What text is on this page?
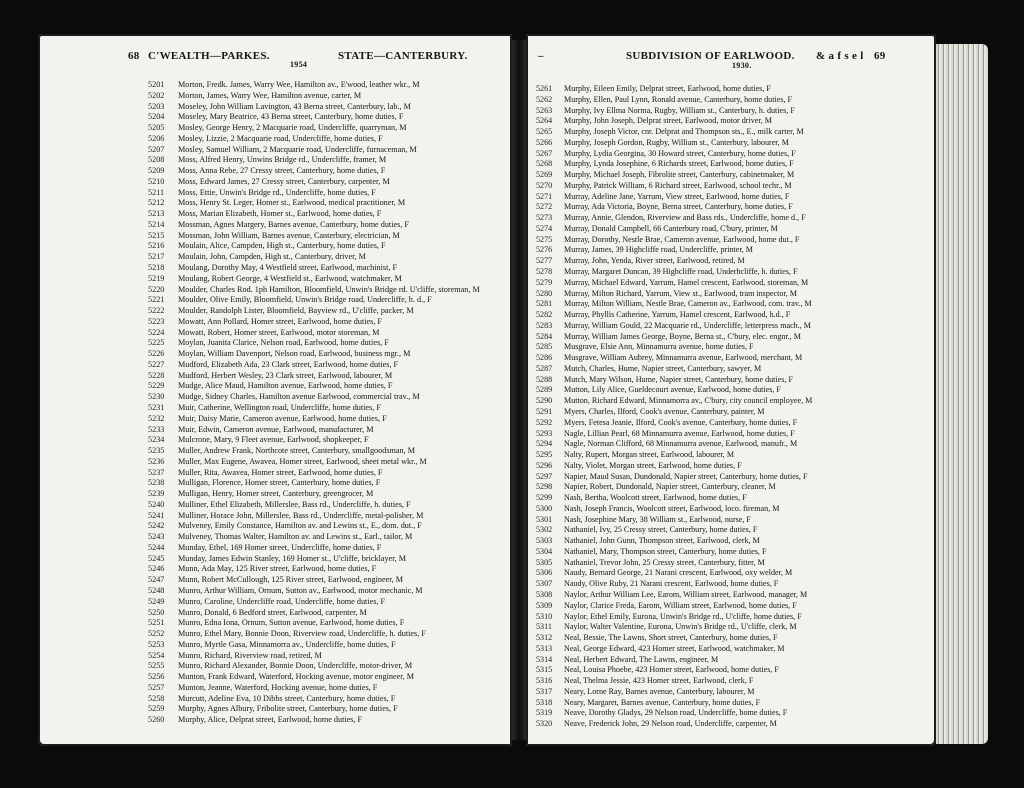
68 C'WEALTH—PARKES.
1954
STATE—CANTERBURY.
5201	Morton, Fredk. James, Warry Wee, Hamilton av., E'wood, leather wkr., M
5202	Morton, James, Warry Wee, Hamilton avenue, carter, M
5203	Moseley, John William Lavington, 43 Berna street, Canterbury, lab., M
5204	Moseley, Mary Beatrice, 43 Berna street, Canterbury, home duties, F
5205	Mosley, George Henry, 2 Macquarie road, Undercliffe, quarryman, M
5206	Mosley, Lizzie, 2 Macquarie road, Undercliffe, home duties, F
5207	Mosley, Samuel William, 2 Macquarie road, Undercliffe, furnaceman, M
5208	Moss, Alfred Henry, Unwins Bridge rd., Undercliffe, framer, M
5209	Moss, Anna Rebe, 27 Cressy street, Canterbury, home duties, F
5210	Moss, Edward James, 27 Cressy street, Canterbury, carpenter, M
5211	Moss, Ettie, Unwin's Bridge rd., Undercliffe, home duties, F
5212	Moss, Henry St. Leger, Homer st., Earlwood, medical practitioner, M
5213	Moss, Marian Elizabeth, Homer st., Earlwood, home duties, F
5214	Mossman, Agnes Margery, Barnes avenue, Canterbury, home duties, F
5215	Mossman, John William, Barnes avenue, Canterbury, electrician, M
5216	Moulain, Alice, Campden, High st., Canterbury, home duties, F
5217	Moulain, John, Campden, High st., Canterbury, driver, M
5218	Moulang, Dorothy May, 4 Westfield street, Earlwood, machinist, F
5219	Moulang, Robert George, 4 Westfield st., Earlwood, watchmaker, M
5220	Moulder, Charles Rod. 1ph Hamilton, Bloomfield, Unwin's Bridge rd. U'cliffe, storeman, M
5221	Moulder, Olive Emily, Bloomfield, Unwin's Bridge road, Undercliffe, h. d., F
5222	Moulder, Randolph Lister, Bloomfield, Bayview rd., U'cliffe, packer, M
5223	Mowatt, Ann Pollard, Homer street, Earlwood, home duties, F
5224	Mowatt, Robert, Homer street, Earlwood, motor storeman, M
5225	Moylan, Juanita Clarice, Nelson road, Earlwood, home duties, F
5226	Moylan, William Davenport, Nelson road, Earlwood, business mgr., M
5227	Mudford, Elizabeth Ada, 23 Clark street, Earlwood, home duties, F
5228	Mudford, Herbert Wesley, 23 Clark street, Earlwood, labourer, M
5229	Mudge, Alice Maud, Hamilton avenue, Earlwood, home duties, F
5230	Mudge, Sidney Charles, Hamilton avenue Earlwood, commercial trav., M
5231	Muir, Catherine, Wellington road, Undercliffe, home duties, F
5232	Muir, Daisy Marie, Cameron avenue, Earlwood, home duties, F
5233	Muir, Edwin, Cameron avenue, Earlwood, manufacturer, M
5234	Mulcrone, Mary, 9 Fleet avenue, Earlwood, shopkeeper, F
5235	Muller, Andrew Frank, Northcote street, Canterbury, smallgoodsman, M
5236	Muller, Max Eugene, Awavea, Homer street, Earlwood, sheet metal wkr., M
5237	Muller, Rita, Awavea, Homer street, Earlwood, home duties, F
5238	Mulligan, Florence, Homer street, Canterbury, home duties, F
5239	Mulligan, Henry, Homer street, Canterbury, greengrocer, M
5240	Mulliner, Ethel Elizabeth, Millerslee, Bass rd., Undercliffe, h. duties, F
5241	Mulliner, Horace John, Millerslee, Bass rd., Undercliffe, metal-polisher, M
5242	Mulveney, Emily Constance, Hamilton av. and Lewins st., E., dom. dut., F
5243	Mulveney, Thomas Walter, Hamilton av. and Lewins st., Earl., tailor, M
5244	Munday, Ethel, 169 Homer street, Undercliffe, home duties, F
5245	Munday, James Edwin Stanley, 169 Homer st., U'cliffe, bricklayer, M
5246	Munn, Ada May, 125 River street, Earlwood, home duties, F
5247	Munn, Robert McCullough, 125 River street, Earlwood, engineer, M
5248	Munro, Arthur William, Ornum, Sutton av., Earlwood, motor mechanic, M
5249	Munro, Caroline, Undercliffe road, Undercliffe, home duties, F
5250	Munro, Donald, 6 Bedford street, Earlwood, carpenter, M
5251	Munro, Edna Iona, Ornum, Sutton avenue, Earlwood, home duties, F
5252	Munro, Ethel Mary, Bonnie Doon, Riverview road, Undercliffe, h. duties, F
5253	Munro, Myrtle Gasa, Minnamorra av., Undercliffe, home duties, F
5254	Munro, Richard, Riverview road, retired, M
5255	Munro, Richard Alexander, Bonnie Doon, Undercliffe, motor-driver, M
5256	Munton, Frank Edward, Waterford, Hocking avenue, motor engineer, M
5257	Munton, Jeanne, Waterford, Hocking avenue, home duties, F
5258	Murcutt, Adeline Eva, 10 Dibbs street, Canterbury, home duties, F
5259	Murphy, Agnes Albury, Fribolite street, Canterbury, home duties, F
5260	Murphy, Alice, Delprat street, Earlwood, home duties, F
–	SUBDIVISION OF EARLWOOD.
1930.
& a f s e l 69
5261	Murphy, Eileen Emily, Delprat street, Earlwood, home duties, F
5262	Murphy, Ellen, Paul Lynn, Ronald avenue, Canterbury, home duties, F
5263	Murphy, Ivy Ellma Norma, Rugby, William st., Canterbury, h. duties, F
5264	Murphy, John Joseph, Delprat street, Earlwood, motor driver, M
5265	Murphy, Joseph Victor, cnr. Delprat and Thompson sts., E., milk carter, M
5266	Murphy, Joseph Gordon, Rugby, William st., Canterbury, labourer, M
5267	Murphy, Lydia Georgina, 30 Howard street, Canterbury, home duties, F
5268	Murphy, Lynda Josephine, 6 Richards street, Earlwood, home duties, F
5269	Murphy, Michael Joseph, Fibrolite street, Canterbury, cabinetmaker, M
5270	Murphy, Patrick William, 6 Richard street, Earlwood, school techr., M
5271	Murray, Adeline Jane, Yarrum, View street, Earlwood, home duties, F
5272	Murray, Ada Victoria, Boyne, Berna street, Canterbury, home duties, F
5273	Murray, Annie, Glendon, Riverview and Bass rds., Undercliffe, home d., F
5274	Murray, Donald Campbell, 66 Canterbury road, C'bury, printer, M
5275	Murray, Dorothy, Nestle Brae, Cameron avenue, Earlwood, home dut., F
5276	Murray, James, 39 Highcliffe road, Undercliffe, printer, M
5277	Murray, John, Yenda, River street, Earlwood, retired, M
5278	Murray, Margaret Duncan, 39 Highcliffe road, Underhcliffe, h. duties, F
5279	Murray, Michael Edward, Yarrum, Hamel crescent, Earlwood, storeman, M
5280	Murray, Milton Richard, Yarrum, View st., Earlwood, tram inspector, M
5281	Murray, Milton William, Nestle Brae, Cameron av., Earlwood, com. trav., M
5282	Murray, Phyllis Catherine, Yarrum, Hamel crescent, Earlwood, h.d., F
5283	Murray, William Gould, 22 Macquarie rd., Undercliffe, letterpress mach., M
5284	Murray, William James George, Boyne, Berna st., C'bury, elec. engnr., M
5285	Musgrave, Elsie Ann, Minnamurra avenue, home duties, F
5286	Musgrave, William Aubrey, Minnamurra avenue, Earlwood, merchant, M
5287	Mutch, Charles, Hume, Napier street, Canterbury, sawyer, M
5288	Mutch, Mary Wilson, Hume, Napier street, Canterbury, home duties, F
5289	Mutton, Lily Alice, Gueldecourt avenue, Earlwood, home duties, F
5290	Mutton, Richard Edward, Minnamorra av., C'bury, city council employee, M
5291	Myers, Charles, Ilford, Cook's avenue, Canterbury, painter, M
5292	Myers, Fetesa Jeanie, Ilford, Cook's avenue, Canterbury, home duties, F
5293	Nagle, Lillian Pearl, 68 Minnamurra avenue, Earlwood, home duties, F
5294	Nagle, Norman Clifford, 68 Minnamurra avenue, Earlwood, manufr., M
5295	Nalty, Rupert, Morgan street, Earlwood, labourer, M
5296	Nalty, Violet, Morgan street, Earlwood, home duties, F
5297	Napier, Maud Susan, Dundonald, Napier street, Canterbury, home duties, F
5298	Napier, Robert, Dundonald, Napier street, Canterbury, cleaner, M
5299	Nash, Bertha, Woolcott street, Earlwood, home duties, F
5300	Nash, Joseph Francis, Woolcott street, Earlwood, loco. fireman, M
5301	Nash, Josephine Mary, 38 William st., Earlwood, nurse, F
5302	Nathaniel, Ivy, 25 Cressy street, Canterbury, home duties, F
5303	Nathaniel, John Gunn, Thompson street, Earlwood, clerk, M
5304	Nathaniel, Mary, Thompson street, Canterbury, home duties, F
5305	Nathaniel, Trevor John, 25 Cressy street, Canterbury, fitter, M
5306	Naudy, Bernard George, 21 Narani crescent, Earlwood, oxy welder, M
5307	Naudy, Olive Ruby, 21 Narani crescent, Earlwood, home duties, F
5308	Naylor, Arthur William Lee, Earom, William street, Earlwood, manager, M
5309	Naylor, Clarice Freda, Earom, William street, Earlwood, home duties, F
5310	Naylor, Ethel Emily, Eurona, Unwin's Bridge rd., U'cliffe, home duties, F
5311	Naylor, Walter Valentine, Eurona, Unwin's Bridge rd., U'cliffe, clerk, M
5312	Neal, Bessie, The Lawns, Short street, Canterbury, home duties, F
5313	Neal, George Edward, 423 Homer street, Earlwood, watchmaker, M
5314	Neal, Herbert Edward, The Lawns, engineer, M
5315	Neal, Louisa Phoebe, 423 Homer street, Earlwood, home duties, F
5316	Neal, Thelma Jessie, 423 Homer street, Earlwood, clerk, F
5317	Neary, Lorne Ray, Barnes avenue, Canterbury, labourer, M
5318	Neary, Margaret, Barnes avenue, Canterbury, home duties, F
5319	Neave, Dorothy Gladys, 29 Nelson road, Undercliffe, home duties, F
5320	Neave, Frederick John, 29 Nelson road, Undercliffe, carpenter, M
